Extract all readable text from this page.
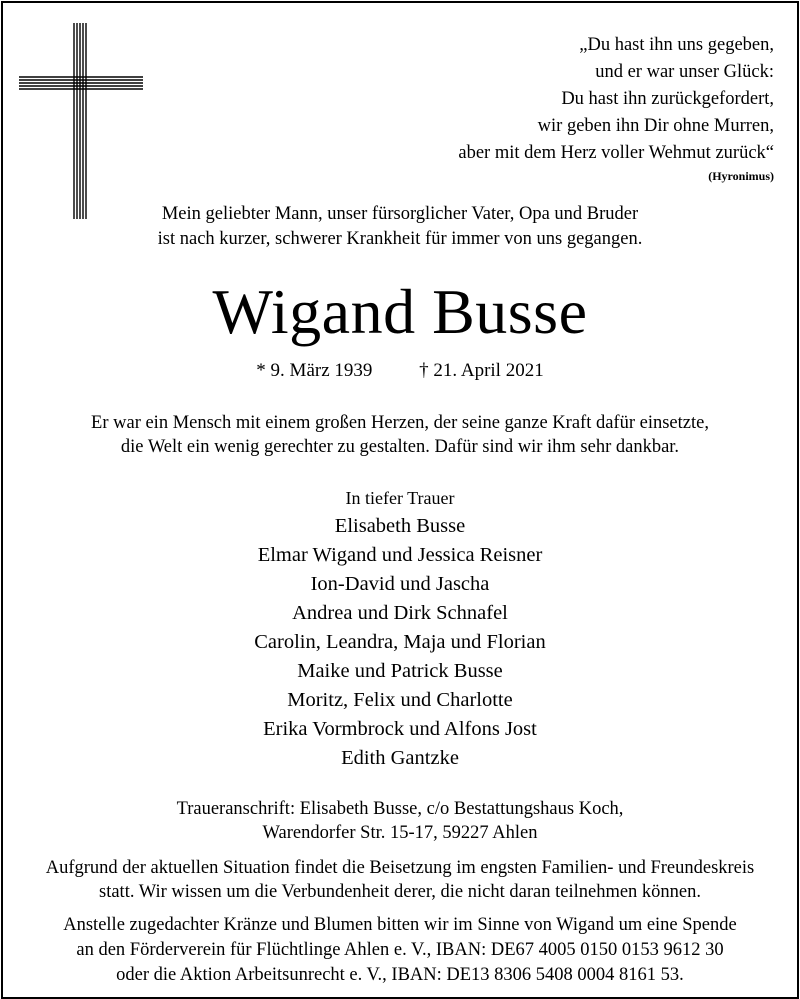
„Du hast ihn uns gegeben,
und er war unser Glück:
Du hast ihn zurückgefordert,
wir geben ihn Dir ohne Murren,
aber mit dem Herz voller Wehmut zurück“
(Hyronimus)
Mein geliebter Mann, unser fürsorglicher Vater, Opa und Bruder
ist nach kurzer, schwerer Krankheit für immer von uns gegangen.
Wigand Busse
* 9. März 1939 † 21. April 2021
Er war ein Mensch mit einem großen Herzen, der seine ganze Kraft dafür einsetzte,
die Welt ein wenig gerechter zu gestalten. Dafür sind wir ihm sehr dankbar.
In tiefer Trauer
Elisabeth Busse
Elmar Wigand und Jessica Reisner
Ion-David und Jascha
Andrea und Dirk Schnafel
Carolin, Leandra, Maja und Florian
Maike und Patrick Busse
Moritz, Felix und Charlotte
Erika Vormbrock und Alfons Jost
Edith Gantzke
Traueranschrift: Elisabeth Busse, c/o Bestattungshaus Koch,
Warendorfer Str. 15-17, 59227 Ahlen
Aufgrund der aktuellen Situation findet die Beisetzung im engsten Familien- und Freundeskreis
statt. Wir wissen um die Verbundenheit derer, die nicht daran teilnehmen können.
Anstelle zugedachter Kränze und Blumen bitten wir im Sinne von Wigand um eine Spende
an den Förderverein für Flüchtlinge Ahlen e. V., IBAN: DE67 4005 0150 0153 9612 30
oder die Aktion Arbeitsunrecht e. V., IBAN: DE13 8306 5408 0004 8161 53.
